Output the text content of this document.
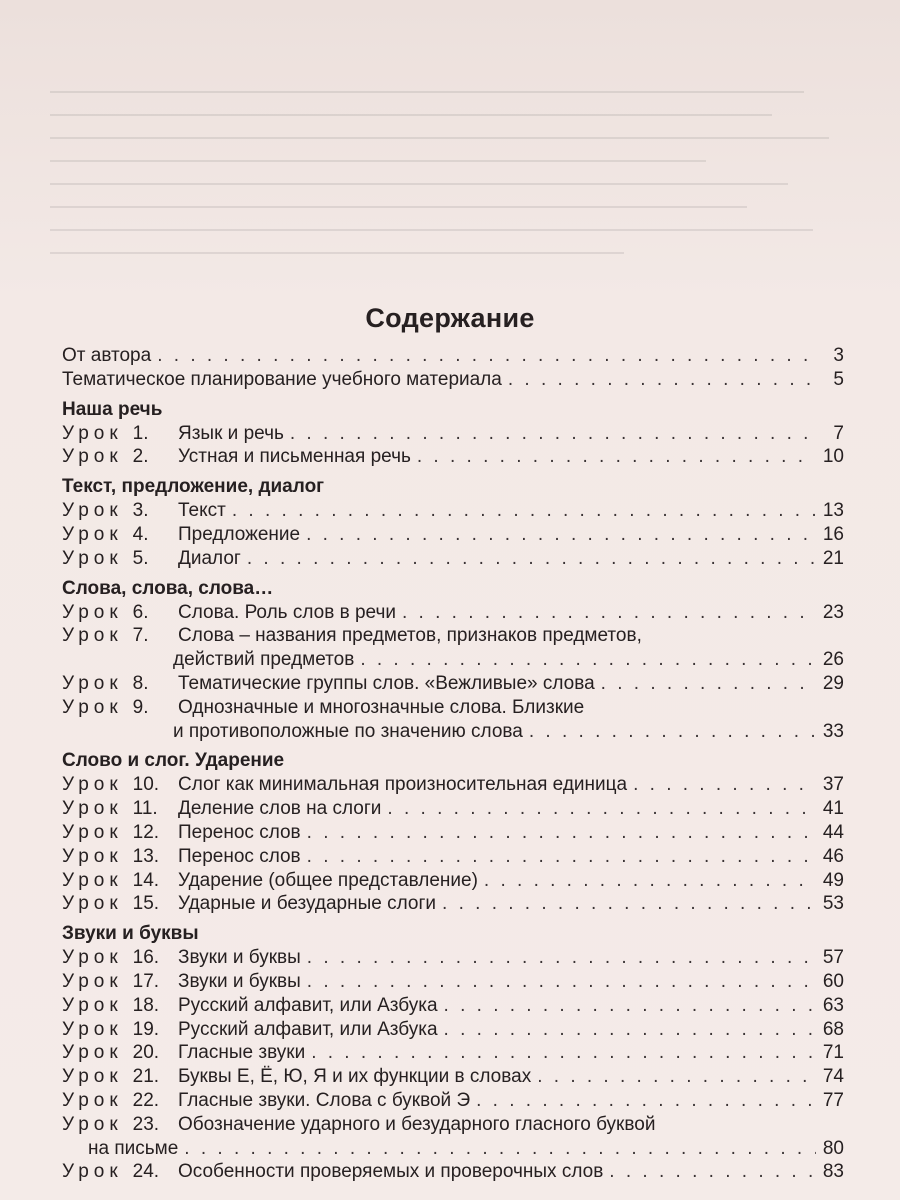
Содержание
От автора . . .	3
Тематическое планирование учебного материала . . .	5
Наша речь
Урок 1.	Язык и речь . . .	7
Урок 2.	Устная и письменная речь . . .	10
Текст, предложение, диалог
Урок 3.	Текст . . .	13
Урок 4.	Предложение . . .	16
Урок 5.	Диалог . . .	21
Слова, слова, слова…
Урок 6.	Слова. Роль слов в речи . . .	23
Урок 7.	Слова – названия предметов, признаков предметов,
действий предметов . . .	26
Урок 8.	Тематические группы слов. «Вежливые» слова . . .	29
Урок 9.	Однозначные и многозначные слова. Близкие
и противоположные по значению слова . . .	33
Слово и слог. Ударение
Урок 10. Слог как минимальная произносительная единица . . .	37
Урок 11.	Деление слов на слоги . . .	41
Урок 12. Перенос слов . . .	44
Урок 13. Перенос слов . . .	46
Урок 14. Ударение (общее представление) . . .	49
Урок 15. Ударные и безударные слоги . . .	53
Звуки и буквы
Урок 16. Звуки и буквы . . .	57
Урок 17. Звуки и буквы . . .	60
Урок 18. Русский алфавит, или Азбука . . .	63
Урок 19. Русский алфавит, или Азбука . . .	68
Урок 20. Гласные звуки . . .	71
Урок 21. Буквы Е, Ё, Ю, Я и их функции в словах . . .	74
Урок 22. Гласные звуки. Слова с буквой Э . . .	77
Урок 23. Обозначение ударного и безударного гласного буквой
на письме . . .	80
Урок 24. Особенности проверяемых и проверочных слов . . .	83
